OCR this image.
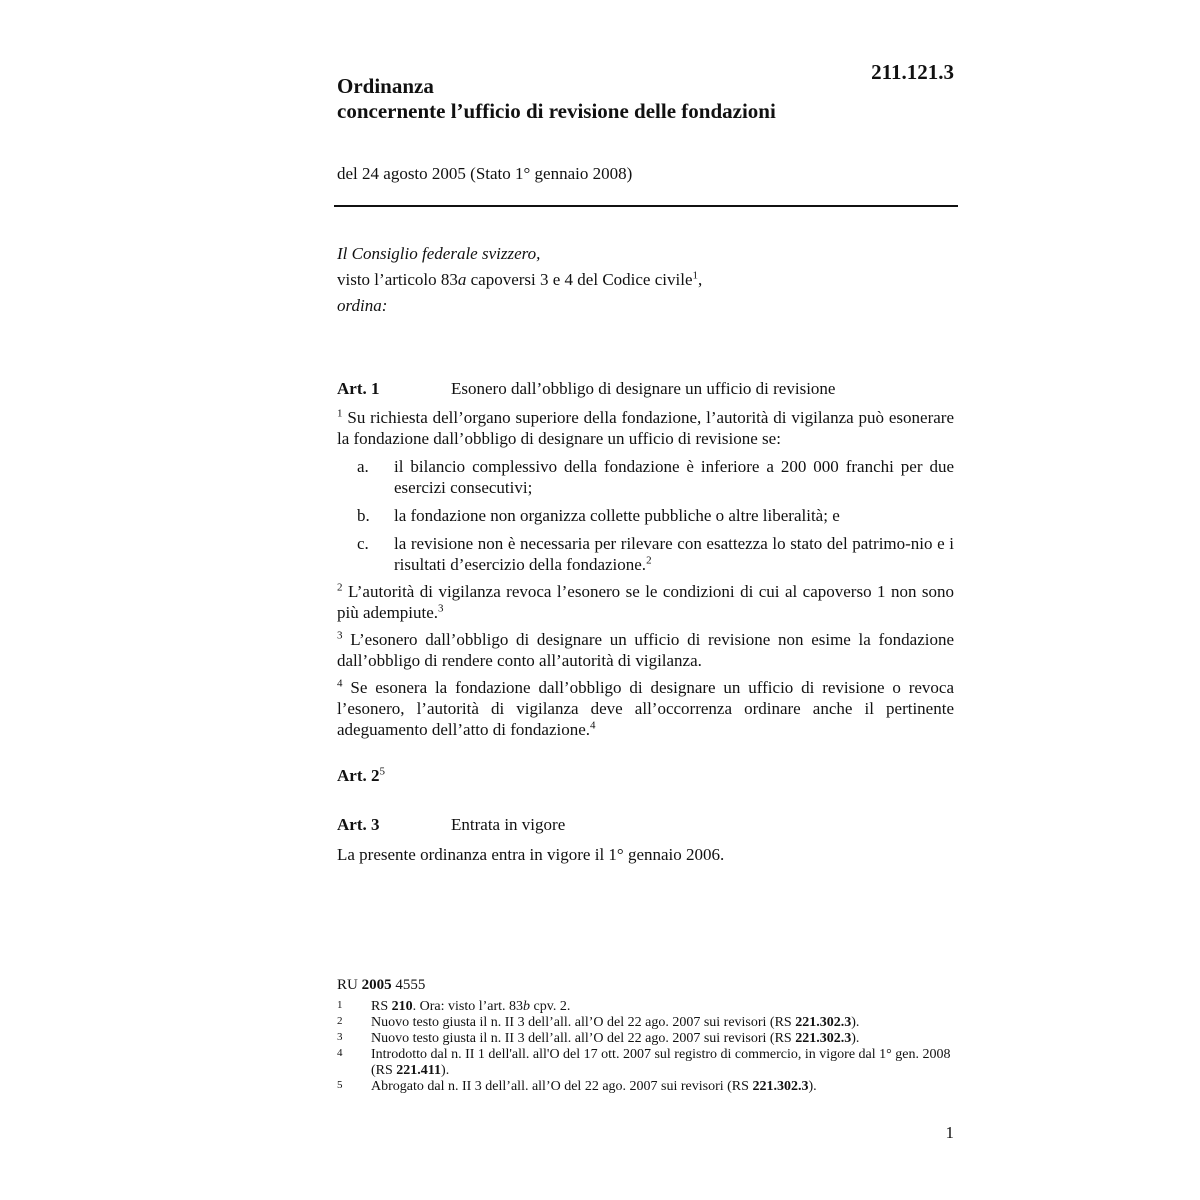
211.121.3
Ordinanza
concernente l’ufficio di revisione delle fondazioni
del 24 agosto 2005 (Stato 1° gennaio 2008)
Il Consiglio federale svizzero,
visto l’articolo 83a capoversi 3 e 4 del Codice civile$^1$,
ordina:
Art. 1	Esonero dall’obbligo di designare un ufficio di revisione
$^1$ Su richiesta dell’organo superiore della fondazione, l’autorità di vigilanza può esonerare la fondazione dall’obbligo di designare un ufficio di revisione se:
a. il bilancio complessivo della fondazione è inferiore a 200 000 franchi per due esercizi consecutivi;
b. la fondazione non organizza collette pubbliche o altre liberalità; e
c. la revisione non è necessaria per rilevare con esattezza lo stato del patrimo-nio e i risultati d’esercizio della fondazione.$^2$
$^2$ L’autorità di vigilanza revoca l’esonero se le condizioni di cui al capoverso 1 non sono più adempiute.$^3$
$^3$ L’esonero dall’obbligo di designare un ufficio di revisione non esime la fondazione dall’obbligo di rendere conto all’autorità di vigilanza.
$^4$ Se esonera la fondazione dall’obbligo di designare un ufficio di revisione o revoca l’esonero, l’autorità di vigilanza deve all’occorrenza ordinare anche il pertinente adeguamento dell’atto di fondazione.$^4$
Art. $2^5$
Art. 3	Entrata in vigore
La presente ordinanza entra in vigore il 1° gennaio 2006.
RU 2005 4555
1 RS 210. Ora: visto l’art. 83b cpv. 2.
2 Nuovo testo giusta il n. II 3 dell’all. all’O del 22 ago. 2007 sui revisori (RS 221.302.3).
3 Nuovo testo giusta il n. II 3 dell’all. all’O del 22 ago. 2007 sui revisori (RS 221.302.3).
4 Introdotto dal n. II 1 dell'all. all'O del 17 ott. 2007 sul registro di commercio, in vigore dal 1° gen. 2008 (RS 221.411).
5 Abrogato dal n. II 3 dell’all. all’O del 22 ago. 2007 sui revisori (RS 221.302.3).
1
